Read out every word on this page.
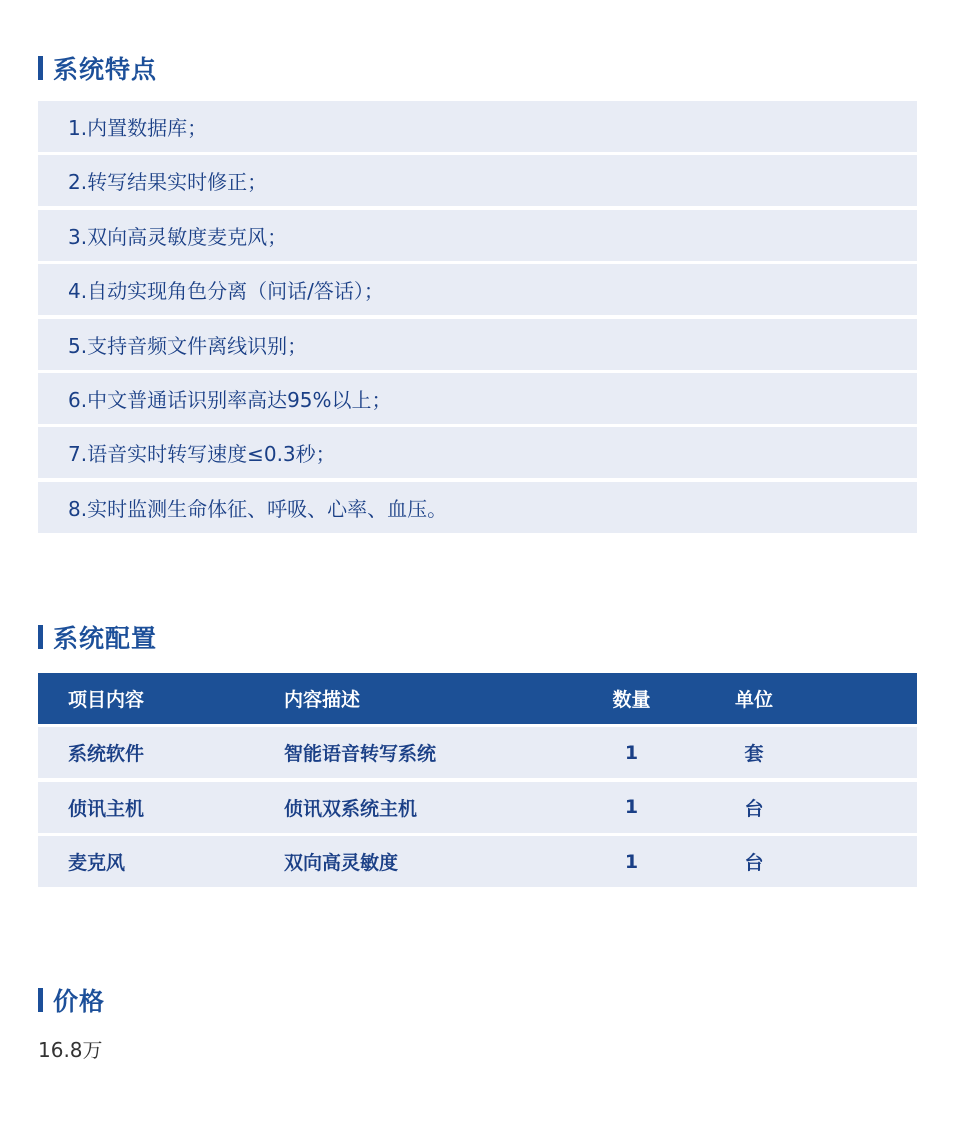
系统特点
1.内置数据库；
2.转写结果实时修正；
3.双向高灵敏度麦克风；
4.自动实现角色分离（问话/答话）；
5.支持音频文件离线识别；
6.中文普通话识别率高达95%以上；
7.语音实时转写速度≤0.3秒；
8.实时监测生命体征、呼吸、心率、血压。
系统配置
项目内容	内容描述	数量	单位
系统软件	智能语音转写系统	1	套
侦讯主机	侦讯双系统主机	1	台
麦克风	双向高灵敏度	1	台
价格
16.8万
